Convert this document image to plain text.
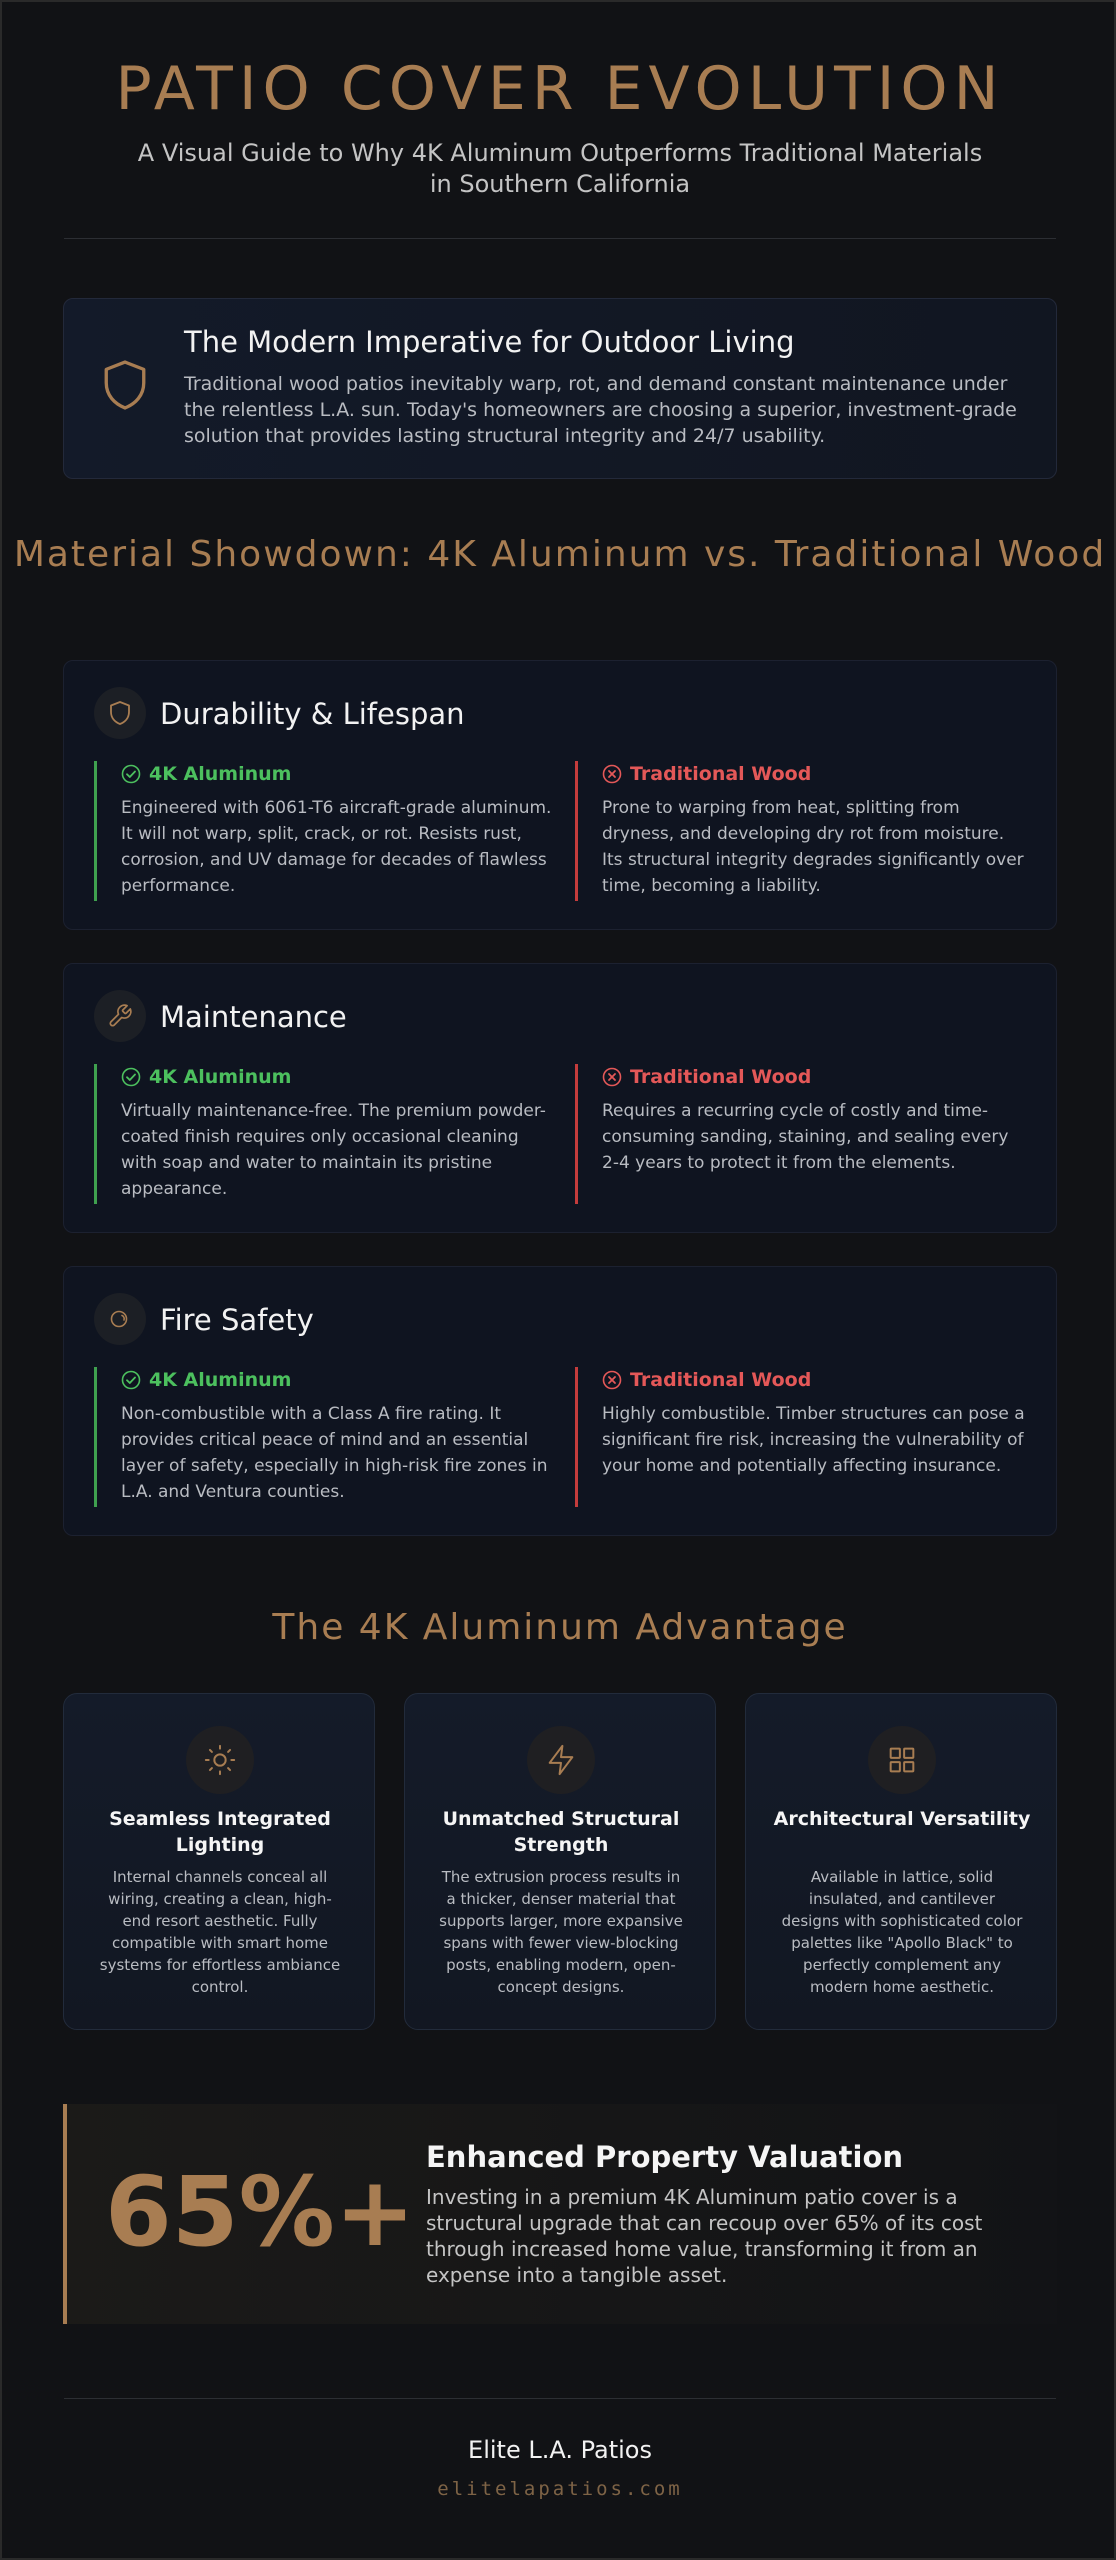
PATIO COVER EVOLUTION

A Visual Guide to Why 4K Aluminum Outperforms Traditional Materials in Southern California

The Modern Imperative for Outdoor Living

Traditional wood patios inevitably warp, rot, and demand constant maintenance under the relentless L.A. sun. Today's homeowners are choosing a superior, investment-grade solution that provides lasting structural integrity and 24/7 usability.

Material Showdown: 4K Aluminum vs. Traditional Wood
Durability & Lifespan
4K Aluminum

Engineered with 6061-T6 aircraft-grade aluminum. It will not warp, split, crack, or rot. Resists rust, corrosion, and UV damage for decades of flawless performance.

Traditional Wood

Prone to warping from heat, splitting from dryness, and developing dry rot from moisture. Its structural integrity degrades significantly over time, becoming a liability.

Maintenance
4K Aluminum

Virtually maintenance-free. The premium powder-coated finish requires only occasional cleaning with soap and water to maintain its pristine appearance.

Traditional Wood

Requires a recurring cycle of costly and time-consuming sanding, staining, and sealing every 2-4 years to protect it from the elements.

Fire Safety
4K Aluminum

Non-combustible with a Class A fire rating. It provides critical peace of mind and an essential layer of safety, especially in high-risk fire zones in L.A. and Ventura counties.

Traditional Wood

Highly combustible. Timber structures can pose a significant fire risk, increasing the vulnerability of your home and potentially affecting insurance.

The 4K Aluminum Advantage
Seamless Integrated Lighting

Internal channels conceal all wiring, creating a clean, high-end resort aesthetic. Fully compatible with smart home systems for effortless ambiance control.

Unmatched Structural Strength

The extrusion process results in a thicker, denser material that supports larger, more expansive spans with fewer view-blocking posts, enabling modern, open-concept designs.

Architectural Versatility

Available in lattice, solid insulated, and cantilever designs with sophisticated color palettes like "Apollo Black" to perfectly complement any modern home aesthetic.

65%+ Enhanced Property Valuation

Investing in a premium 4K Aluminum patio cover is a structural upgrade that can recoup over 65% of its cost through increased home value, transforming it from an expense into a tangible asset.

Elite L.A. Patios
elitelapatios.com
